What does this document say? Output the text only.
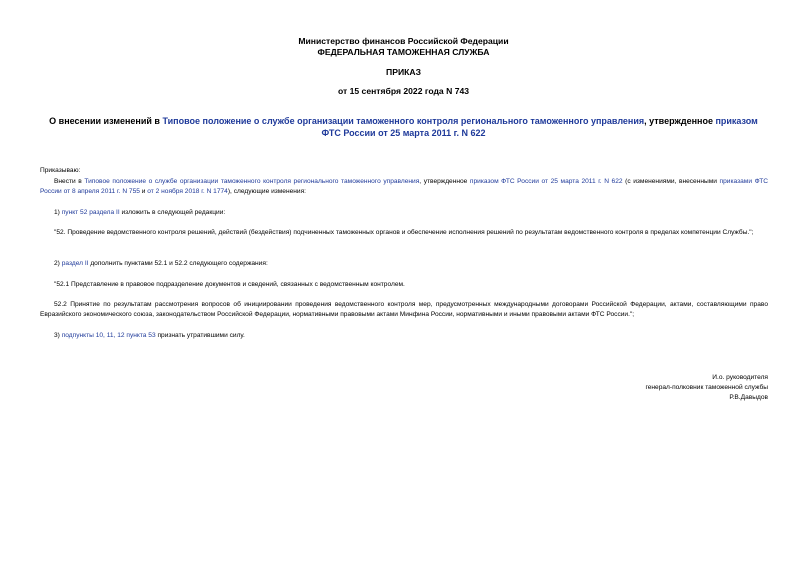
Министерство финансов Российской Федерации
ФЕДЕРАЛЬНАЯ ТАМОЖЕННАЯ СЛУЖБА
ПРИКАЗ
от 15 сентября 2022 года N 743
О внесении изменений в Типовое положение о службе организации таможенного контроля регионального таможенного управления, утвержденное приказом ФТС России от 25 марта 2011 г. N 622
Приказываю:
Внести в Типовое положение о службе организации таможенного контроля регионального таможенного управления, утвержденное приказом ФТС России от 25 марта 2011 г. N 622 (с изменениями, внесенными приказами ФТС России от 8 апреля 2011 г. N 755 и от 2 ноября 2018 г. N 1774), следующие изменения:
1) пункт 52 раздела II изложить в следующей редакции:
"52. Проведение ведомственного контроля решений, действий (бездействия) подчиненных таможенных органов и обеспечение исполнения решений по результатам ведомственного контроля в пределах компетенции Службы.";
2) раздел II дополнить пунктами 52.1 и 52.2 следующего содержания:
"52.1 Представление в правовое подразделение документов и сведений, связанных с ведомственным контролем.
52.2 Принятие по результатам рассмотрения вопросов об инициировании проведения ведомственного контроля мер, предусмотренных международными договорами Российской Федерации, актами, составляющими право Евразийского экономического союза, законодательством Российской Федерации, нормативными правовыми актами Минфина России, нормативными и иными правовыми актами ФТС России.";
3) подпункты 10, 11, 12 пункта 53 признать утратившими силу.
И.о. руководителя
генерал-полковник таможенной службы
Р.В.Давыдов
